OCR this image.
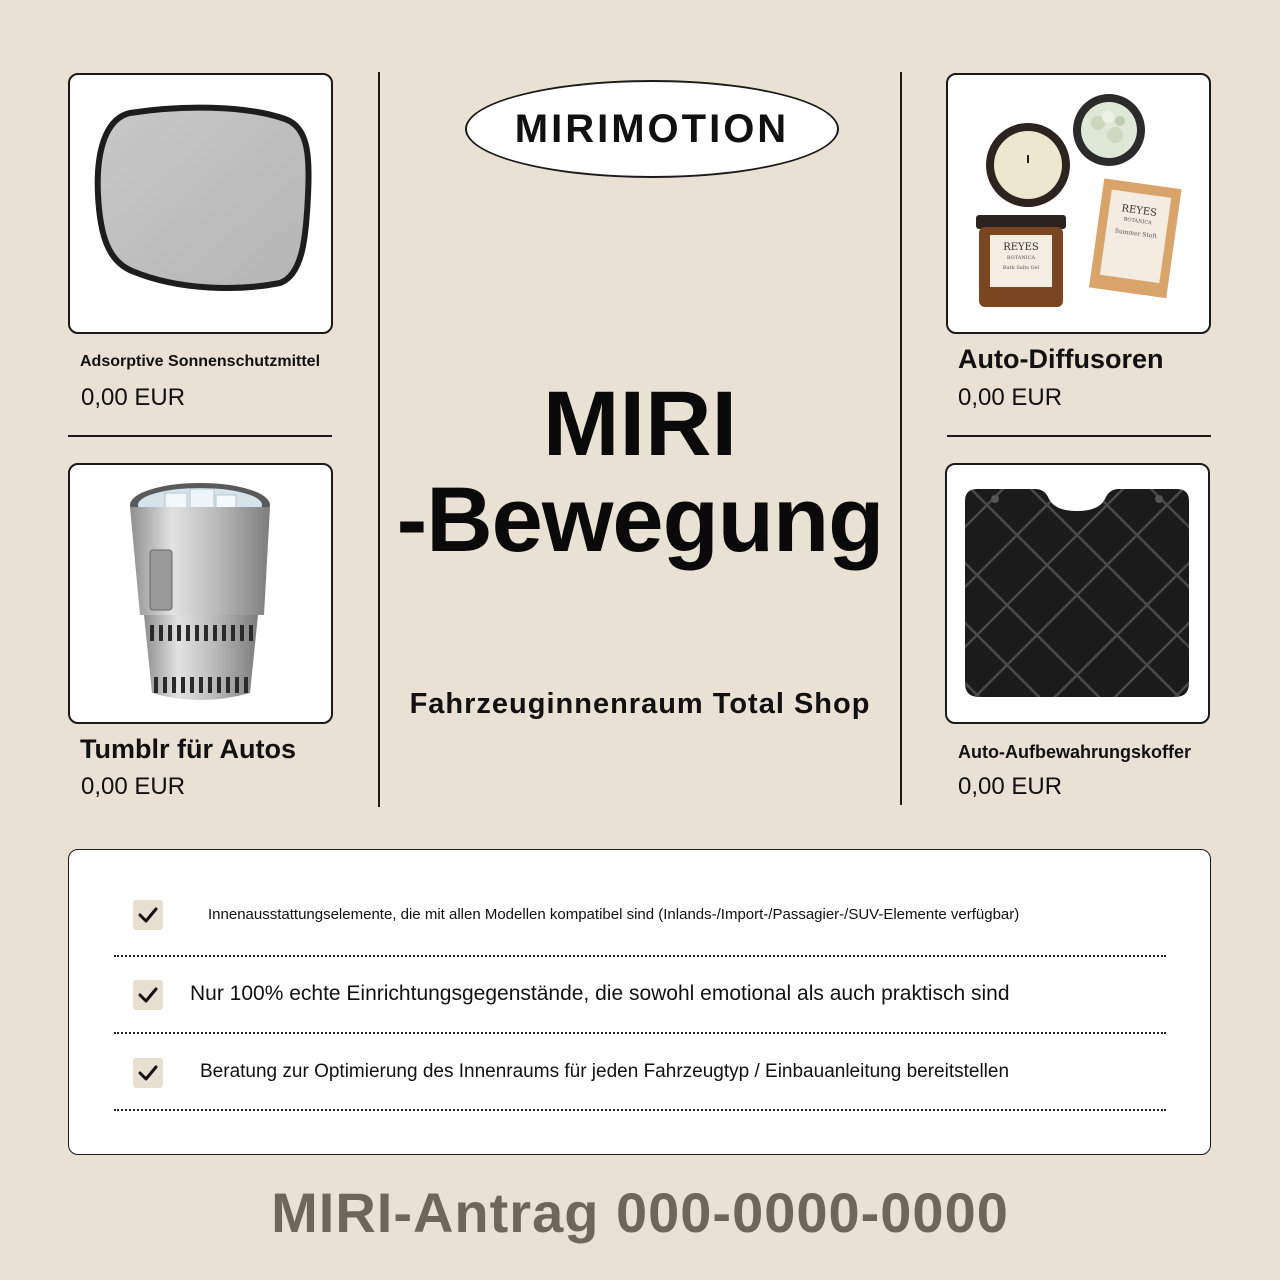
Adsorptive Sonnenschutzmittel
0,00 EUR
REYES
BOTANICA
Bath Salts Gel
REYES
BOTANICA
Summer Stoft
Auto-Diffusoren
0,00 EUR
Tumblr für Autos
0,00 EUR
Auto-Aufbewahrungskoffer
0,00 EUR
MIRIMOTION
MIRI
-Bewegung
Fahrzeuginnenraum Total Shop
Innenausstattungselemente, die mit allen Modellen kompatibel sind (Inlands-/Import-/Passagier-/SUV-Elemente verfügbar)
Nur 100% echte Einrichtungsgegenstände, die sowohl emotional als auch praktisch sind
Beratung zur Optimierung des Innenraums für jeden Fahrzeugtyp / Einbauanleitung bereitstellen
MIRI-Antrag 000-0000-0000
